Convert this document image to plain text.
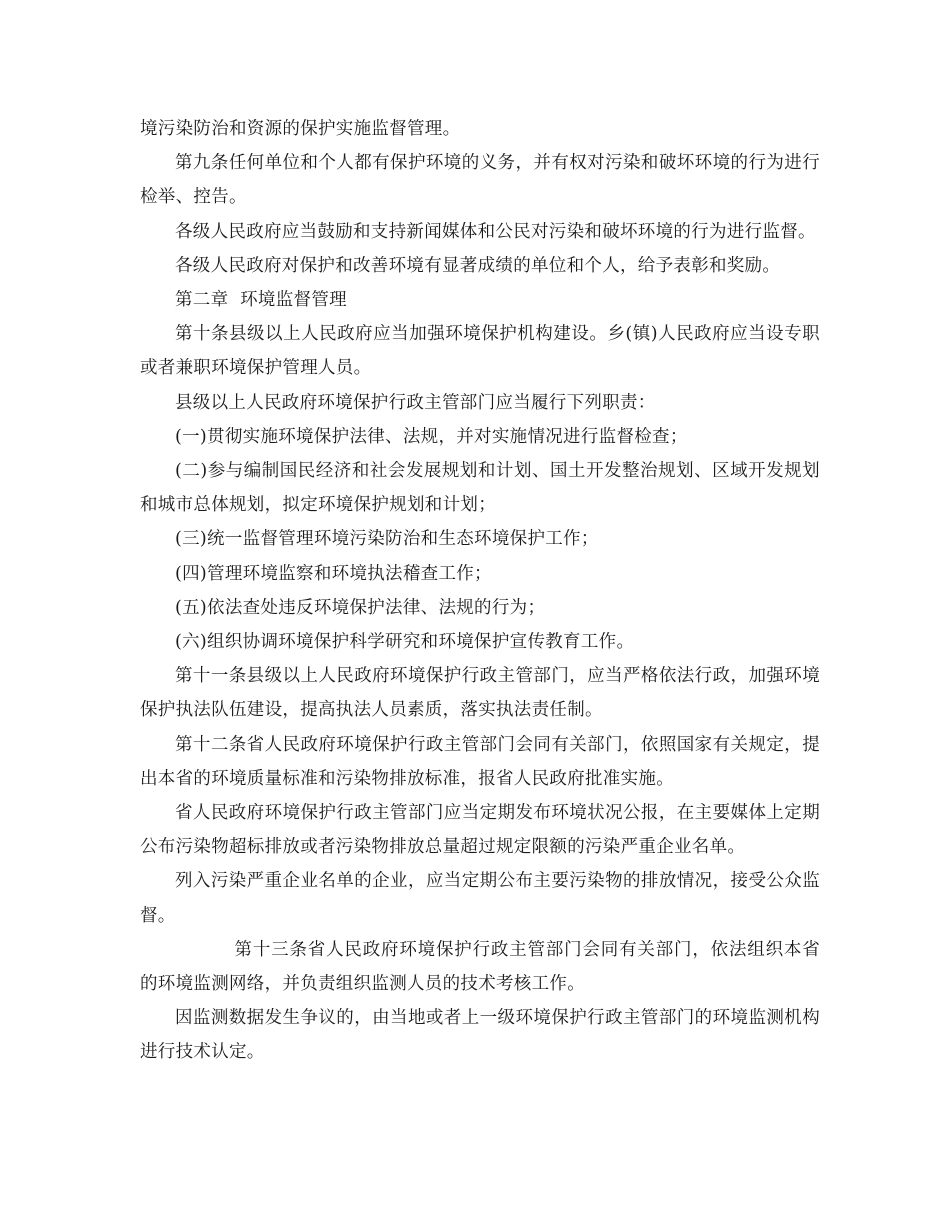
境污染防治和资源的保护实施监督管理。

第九条任何单位和个人都有保护环境的义务，并有权对污染和破坏环境的行为进行检举、控告。

各级人民政府应当鼓励和支持新闻媒体和公民对污染和破坏环境的行为进行监督。

各级人民政府对保护和改善环境有显著成绩的单位和个人，给予表彰和奖励。

第二章  环境监督管理

第十条县级以上人民政府应当加强环境保护机构建设。乡(镇)人民政府应当设专职或者兼职环境保护管理人员。

县级以上人民政府环境保护行政主管部门应当履行下列职责：

(一)贯彻实施环境保护法律、法规，并对实施情况进行监督检查；

(二)参与编制国民经济和社会发展规划和计划、国土开发整治规划、区域开发规划和城市总体规划，拟定环境保护规划和计划；

(三)统一监督管理环境污染防治和生态环境保护工作；

(四)管理环境监察和环境执法稽查工作；

(五)依法查处违反环境保护法律、法规的行为；

(六)组织协调环境保护科学研究和环境保护宣传教育工作。

第十一条县级以上人民政府环境保护行政主管部门，应当严格依法行政，加强环境保护执法队伍建设，提高执法人员素质，落实执法责任制。

第十二条省人民政府环境保护行政主管部门会同有关部门，依照国家有关规定，提出本省的环境质量标准和污染物排放标准，报省人民政府批准实施。

省人民政府环境保护行政主管部门应当定期发布环境状况公报，在主要媒体上定期公布污染物超标排放或者污染物排放总量超过规定限额的污染严重企业名单。

列入污染严重企业名单的企业，应当定期公布主要污染物的排放情况，接受公众监督。

第十三条省人民政府环境保护行政主管部门会同有关部门，依法组织本省的环境监测网络，并负责组织监测人员的技术考核工作。

因监测数据发生争议的，由当地或者上一级环境保护行政主管部门的环境监测机构进行技术认定。
